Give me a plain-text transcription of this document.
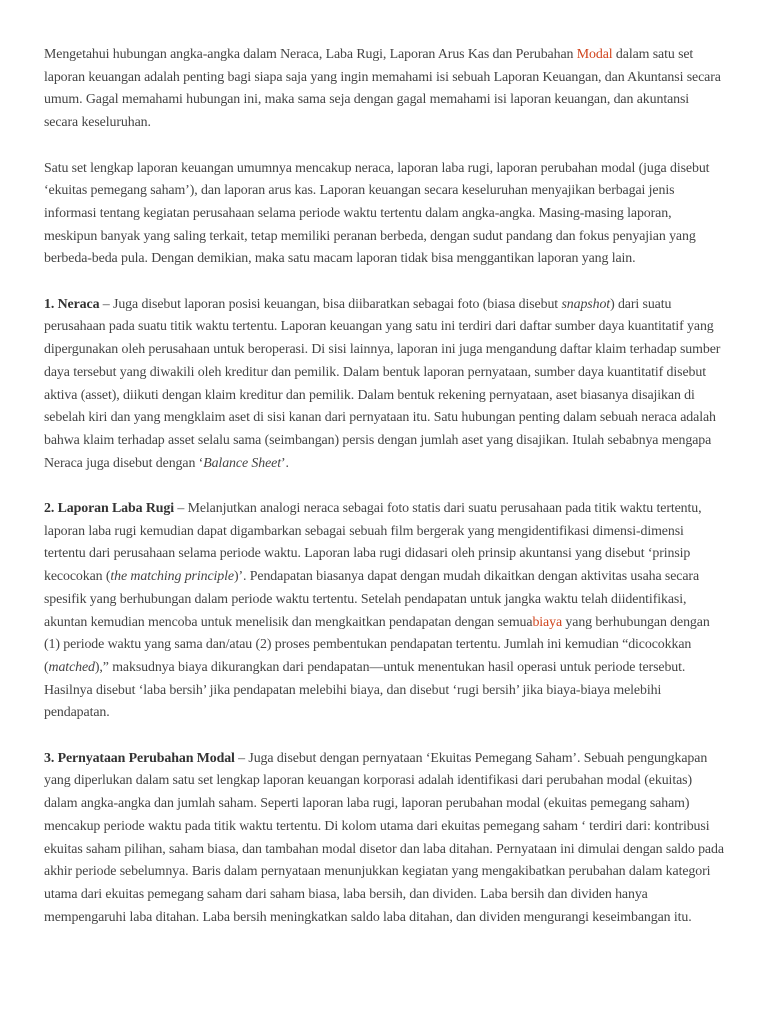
Mengetahui hubungan angka-angka dalam Neraca, Laba Rugi, Laporan Arus Kas dan Perubahan Modal dalam satu set laporan keuangan adalah penting bagi siapa saja yang ingin memahami isi sebuah Laporan Keuangan, dan Akuntansi secara umum. Gagal memahami hubungan ini, maka sama seja dengan gagal memahami isi laporan keuangan, dan akuntansi secara keseluruhan.

Satu set lengkap laporan keuangan umumnya mencakup neraca, laporan laba rugi, laporan perubahan modal (juga disebut ‘ekuitas pemegang saham’), dan laporan arus kas. Laporan keuangan secara keseluruhan menyajikan berbagai jenis informasi tentang kegiatan perusahaan selama periode waktu tertentu dalam angka-angka. Masing-masing laporan, meskipun banyak yang saling terkait, tetap memiliki peranan berbeda, dengan sudut pandang dan fokus penyajian yang berbeda-beda pula. Dengan demikian, maka satu macam laporan tidak bisa menggantikan laporan yang lain.

1. Neraca – Juga disebut laporan posisi keuangan, bisa diibaratkan sebagai foto (biasa disebut snapshot) dari suatu perusahaan pada suatu titik waktu tertentu. Laporan keuangan yang satu ini terdiri dari daftar sumber daya kuantitatif yang dipergunakan oleh perusahaan untuk beroperasi. Di sisi lainnya, laporan ini juga mengandung daftar klaim terhadap sumber daya tersebut yang diwakili oleh kreditur dan pemilik. Dalam bentuk laporan pernyataan, sumber daya kuantitatif disebut aktiva (asset), diikuti dengan klaim kreditur dan pemilik. Dalam bentuk rekening pernyataan, aset biasanya disajikan di sebelah kiri dan yang mengklaim aset di sisi kanan dari pernyataan itu. Satu hubungan penting dalam sebuah neraca adalah bahwa klaim terhadap asset selalu sama (seimbangan) persis dengan jumlah aset yang disajikan. Itulah sebabnya mengapa Neraca juga disebut dengan ‘Balance Sheet’.

2. Laporan Laba Rugi – Melanjutkan analogi neraca sebagai foto statis dari suatu perusahaan pada titik waktu tertentu, laporan laba rugi kemudian dapat digambarkan sebagai sebuah film bergerak yang mengidentifikasi dimensi-dimensi tertentu dari perusahaan selama periode waktu. Laporan laba rugi didasari oleh prinsip akuntansi yang disebut ‘prinsip kecocokan (the matching principle)’. Pendapatan biasanya dapat dengan mudah dikaitkan dengan aktivitas usaha secara spesifik yang berhubungan dalam periode waktu tertentu. Setelah pendapatan untuk jangka waktu telah diidentifikasi, akuntan kemudian mencoba untuk menelisik dan mengkaitkan pendapatan dengan semuabiaya yang berhubungan dengan (1) periode waktu yang sama dan/atau (2) proses pembentukan pendapatan tertentu. Jumlah ini kemudian “dicocokkan (matched),” maksudnya biaya dikurangkan dari pendapatan—untuk menentukan hasil operasi untuk periode tersebut. Hasilnya disebut ‘laba bersih’ jika pendapatan melebihi biaya, dan disebut ‘rugi bersih’ jika biaya-biaya melebihi pendapatan.

3. Pernyataan Perubahan Modal – Juga disebut dengan pernyataan ‘Ekuitas Pemegang Saham’. Sebuah pengungkapan yang diperlukan dalam satu set lengkap laporan keuangan korporasi adalah identifikasi dari perubahan modal (ekuitas) dalam angka-angka dan jumlah saham. Seperti laporan laba rugi, laporan perubahan modal (ekuitas pemegang saham) mencakup periode waktu pada titik waktu tertentu. Di kolom utama dari ekuitas pemegang saham ‘ terdiri dari: kontribusi ekuitas saham pilihan, saham biasa, dan tambahan modal disetor dan laba ditahan. Pernyataan ini dimulai dengan saldo pada akhir periode sebelumnya. Baris dalam pernyataan menunjukkan kegiatan yang mengakibatkan perubahan dalam kategori utama dari ekuitas pemegang saham dari saham biasa, laba bersih, dan dividen. Laba bersih dan dividen hanya mempengaruhi laba ditahan. Laba bersih meningkatkan saldo laba ditahan, dan dividen mengurangi keseimbangan itu.
